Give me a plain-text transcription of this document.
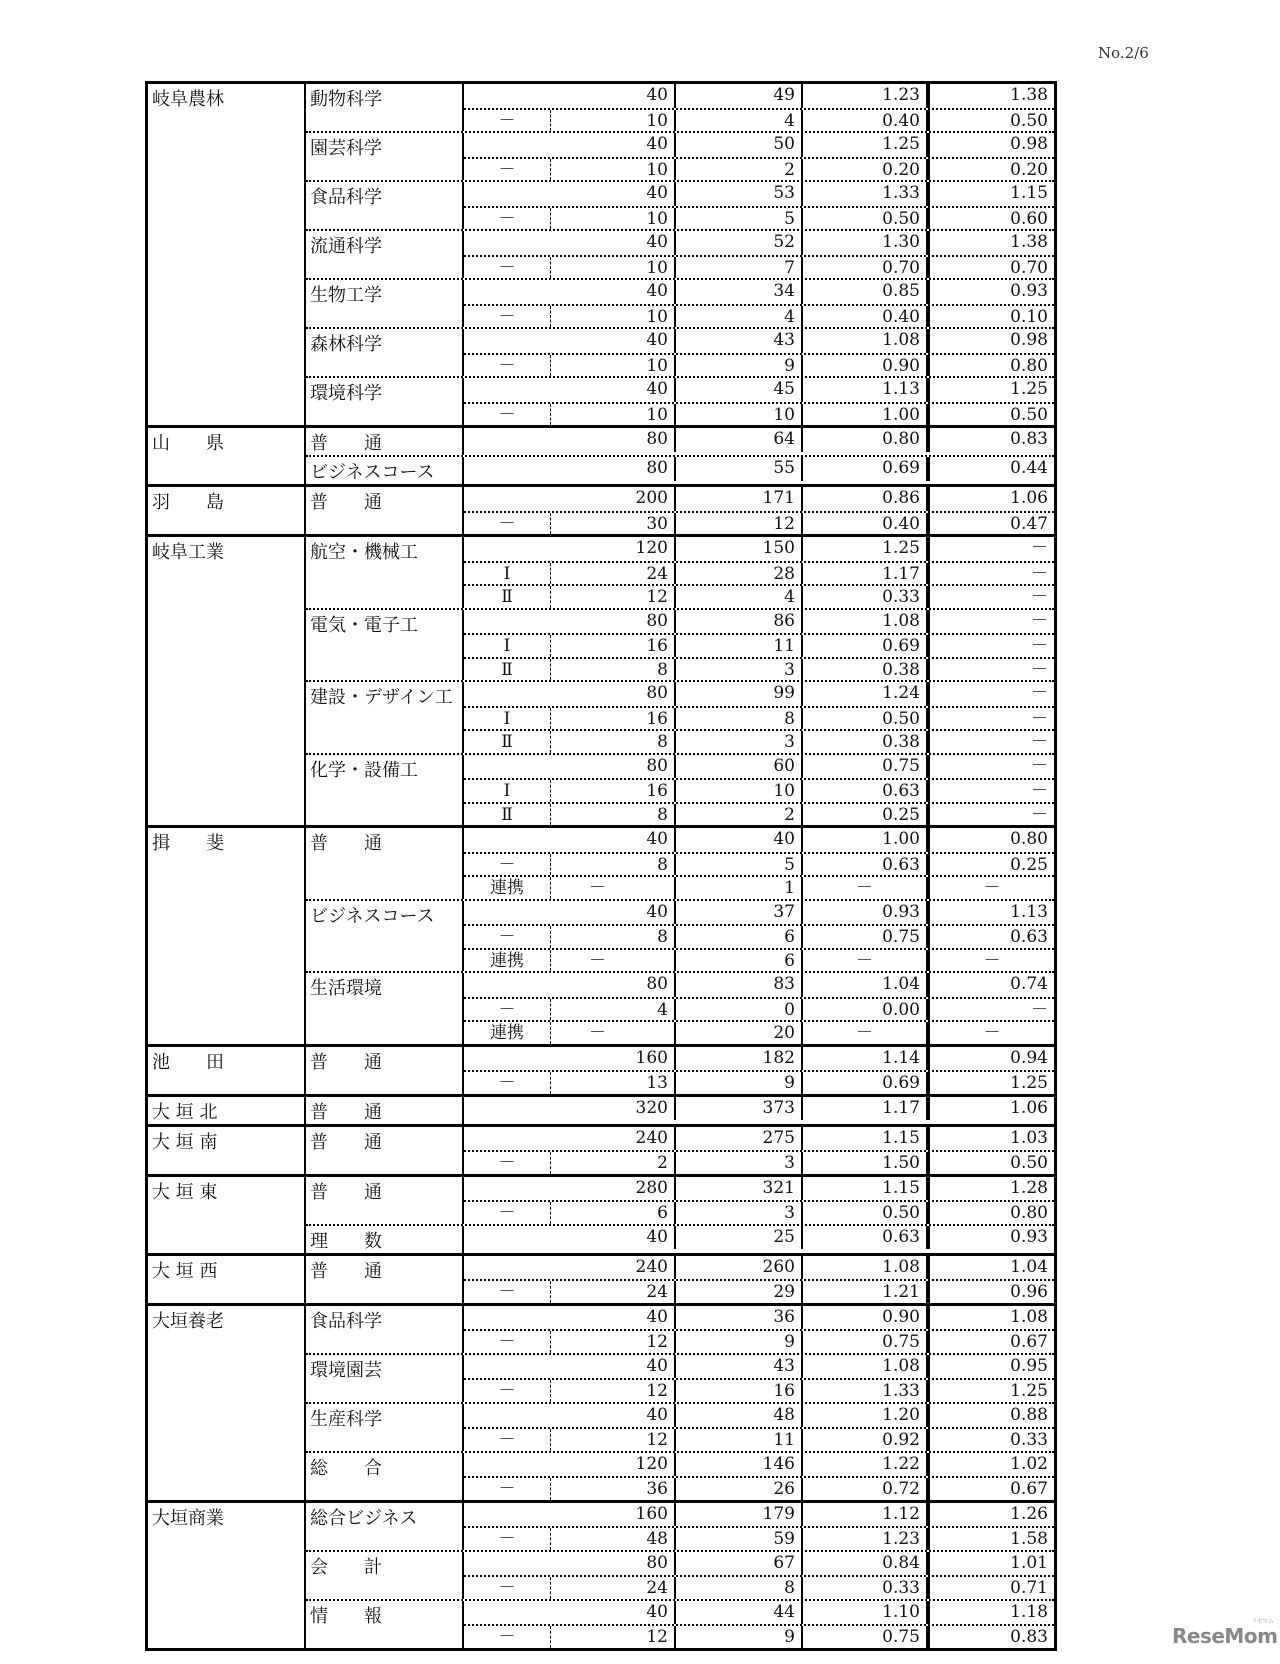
No.2/6
岐阜農林	動物科学	40	49	1.23	1.38
－	10	4	0.40	0.50
園芸科学	40	50	1.25	0.98
－	10	2	0.20	0.20
食品科学	40	53	1.33	1.15
－	10	5	0.50	0.60
流通科学	40	52	1.30	1.38
－	10	7	0.70	0.70
生物工学	40	34	0.85	0.93
－	10	4	0.40	0.10
森林科学	40	43	1.08	0.98
－	10	9	0.90	0.80
環境科学	40	45	1.13	1.25
－	10	10	1.00	0.50
山　　県	普　　通	80	64	0.80	0.83
ビジネスコース	80	55	0.69	0.44
羽　　島	普　　通	200	171	0.86	1.06
－	30	12	0.40	0.47
岐阜工業	航空・機械工	120	150	1.25	－
Ⅰ	24	28	1.17	－
Ⅱ	12	4	0.33	－
電気・電子工	80	86	1.08	－
Ⅰ	16	11	0.69	－
Ⅱ	8	3	0.38	－
建設・デザイン工	80	99	1.24	－
Ⅰ	16	8	0.50	－
Ⅱ	8	3	0.38	－
化学・設備工	80	60	0.75	－
Ⅰ	16	10	0.63	－
Ⅱ	8	2	0.25	－
揖　　斐	普　　通	40	40	1.00	0.80
－	8	5	0.63	0.25
連携	－	1	－	－
ビジネスコース	40	37	0.93	1.13
－	8	6	0.75	0.63
連携	－	6	－	－
生活環境	80	83	1.04	0.74
－	4	0	0.00	－
連携	－	20	－	－
池　　田	普　　通	160	182	1.14	0.94
－	13	9	0.69	1.25
大 垣 北	普　　通	320	373	1.17	1.06
大 垣 南	普　　通	240	275	1.15	1.03
－	2	3	1.50	0.50
大 垣 東	普　　通	280	321	1.15	1.28
－	6	3	0.50	0.80
理　　数	40	25	0.63	0.93
大 垣 西	普　　通	240	260	1.08	1.04
－	24	29	1.21	0.96
大垣養老	食品科学	40	36	0.90	1.08
－	12	9	0.75	0.67
環境園芸	40	43	1.08	0.95
－	12	16	1.33	1.25
生産科学	40	48	1.20	0.88
－	12	11	0.92	0.33
総　　合	120	146	1.22	1.02
－	36	26	0.72	0.67
大垣商業	総合ビジネス	160	179	1.12	1.26
－	48	59	1.23	1.58
会　　計	80	67	0.84	1.01
－	24	8	0.33	0.71
情　　報	40	44	1.10	1.18
－	12	9	0.75	0.83	ReseMom
リセマム
